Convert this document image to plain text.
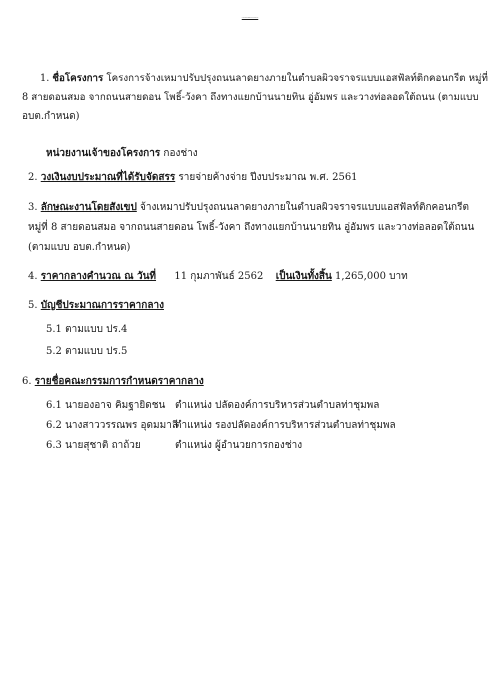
1. ชื่อโครงการ โครงการจ้างเหมาปรับปรุงถนนลาดยางภายในตำบลผิวจราจรแบบแอสฟัลท์ติกคอนกรีต หมู่ที่
8 สายดอนสมอ จากถนนสายดอน โพธิ์-วังคา ถึงทางแยกบ้านนายทิน อู่อัมพร และวางท่อลอดใต้ถนน (ตามแบบ
อบต.กำหนด)
หน่วยงานเจ้าของโครงการ กองช่าง
2. วงเงินงบประมาณที่ได้รับจัดสรร รายจ่ายค้างจ่าย ปีงบประมาณ พ.ศ. 2561
3. ลักษณะงานโดยสังเขป จ้างเหมาปรับปรุงถนนลาดยางภายในตำบลผิวจราจรแบบแอสฟัลท์ติกคอนกรีต
หมู่ที่ 8 สายดอนสมอ จากถนนสายดอน โพธิ์-วังคา ถึงทางแยกบ้านนายทิน อู่อัมพร และวางท่อลอดใต้ถนน
(ตามแบบ อบต.กำหนด)
4. ราคากลางคำนวณ ณ วันที่ 11 กุมภาพันธ์ 2562 เป็นเงินทั้งสิ้น 1,265,000 บาท
5. บัญชีประมาณการราคากลาง
5.1 ตามแบบ ปร.4
5.2 ตามแบบ ปร.5
6. รายชื่อคณะกรรมการกำหนดราคากลาง
6.1 นายองอาจ คิมฐายิดชน ตำแหน่ง ปลัดองค์การบริหารส่วนตำบลท่าชุมพล
6.2 นางสาววรรณพร อุดมมาลี
ตำแหน่ง รองปลัดองค์การบริหารส่วนตำบลท่าชุมพล
6.3 นายสุชาติ ถาถ้วย	ตำแหน่ง ผู้อำนวยการกองช่าง
